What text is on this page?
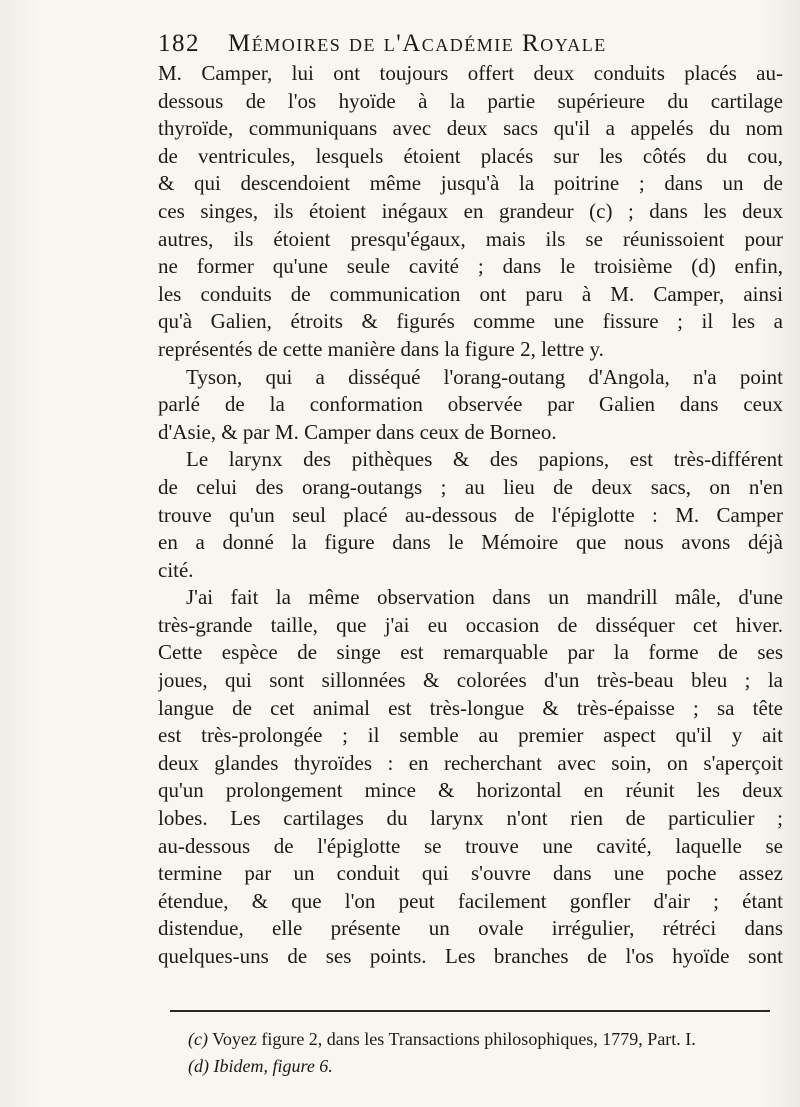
182 Mémoires de l'Académie Royale
M. Camper, lui ont toujours offert deux conduits placés au-
dessous de l'os hyoïde à la partie supérieure du cartilage
thyroïde, communiquans avec deux sacs qu'il a appelés du nom
de ventricules, lesquels étoient placés sur les côtés du cou,
& qui descendoient même jusqu'à la poitrine ; dans un de
ces singes, ils étoient inégaux en grandeur (c) ; dans les deux
autres, ils étoient presqu'égaux, mais ils se réunissoient pour
ne former qu'une seule cavité ; dans le troisième (d) enfin,
les conduits de communication ont paru à M. Camper, ainsi
qu'à Galien, étroits & figurés comme une fissure ; il les a
représentés de cette manière dans la figure 2, lettre y.
Tyson, qui a disséqué l'orang-outang d'Angola, n'a point
parlé de la conformation observée par Galien dans ceux
d'Asie, & par M. Camper dans ceux de Borneo.
Le larynx des pithèques & des papions, est très-différent
de celui des orang-outangs ; au lieu de deux sacs, on n'en
trouve qu'un seul placé au-dessous de l'épiglotte : M. Camper
en a donné la figure dans le Mémoire que nous avons déjà
cité.
J'ai fait la même observation dans un mandrill mâle, d'une
très-grande taille, que j'ai eu occasion de disséquer cet hiver.
Cette espèce de singe est remarquable par la forme de ses
joues, qui sont sillonnées & colorées d'un très-beau bleu ; la
langue de cet animal est très-longue & très-épaisse ; sa tête
est très-prolongée ; il semble au premier aspect qu'il y ait
deux glandes thyroïdes : en recherchant avec soin, on s'aperçoit
qu'un prolongement mince & horizontal en réunit les deux
lobes. Les cartilages du larynx n'ont rien de particulier ;
au-dessous de l'épiglotte se trouve une cavité, laquelle se
termine par un conduit qui s'ouvre dans une poche assez
étendue, & que l'on peut facilement gonfler d'air ; étant
distendue, elle présente un ovale irrégulier, rétréci dans
quelques-uns de ses points. Les branches de l'os hyoïde sont
(c) Voyez figure 2, dans les Transactions philosophiques, 1779, Part. I.
(d) Ibidem, figure 6.
